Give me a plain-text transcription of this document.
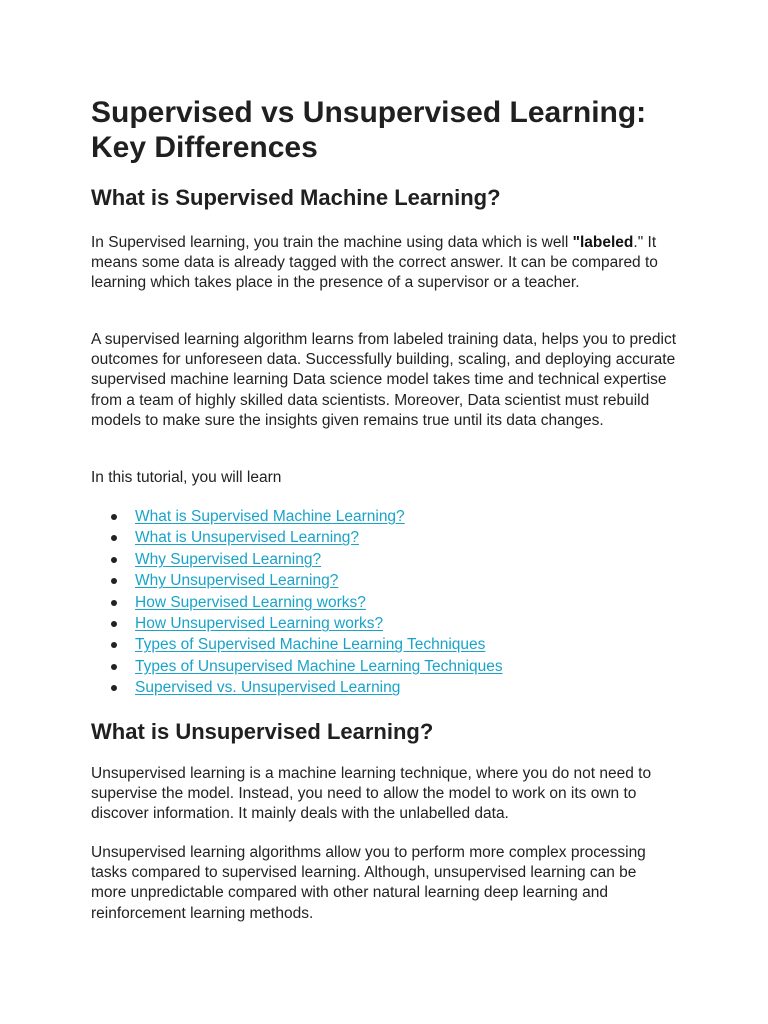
Supervised vs Unsupervised Learning: Key Differences
What is Supervised Machine Learning?

In Supervised learning, you train the machine using data which is well "labeled." It means some data is already tagged with the correct answer. It can be compared to learning which takes place in the presence of a supervisor or a teacher.

A supervised learning algorithm learns from labeled training data, helps you to predict outcomes for unforeseen data. Successfully building, scaling, and deploying accurate supervised machine learning Data science model takes time and technical expertise from a team of highly skilled data scientists. Moreover, Data scientist must rebuild models to make sure the insights given remains true until its data changes.

In this tutorial, you will learn

What is Supervised Machine Learning?
What is Unsupervised Learning?
Why Supervised Learning?
Why Unsupervised Learning?
How Supervised Learning works?
How Unsupervised Learning works?
Types of Supervised Machine Learning Techniques
Types of Unsupervised Machine Learning Techniques
Supervised vs. Unsupervised Learning
What is Unsupervised Learning?

Unsupervised learning is a machine learning technique, where you do not need to supervise the model. Instead, you need to allow the model to work on its own to discover information. It mainly deals with the unlabelled data.

Unsupervised learning algorithms allow you to perform more complex processing tasks compared to supervised learning. Although, unsupervised learning can be more unpredictable compared with other natural learning deep learning and reinforcement learning methods.
